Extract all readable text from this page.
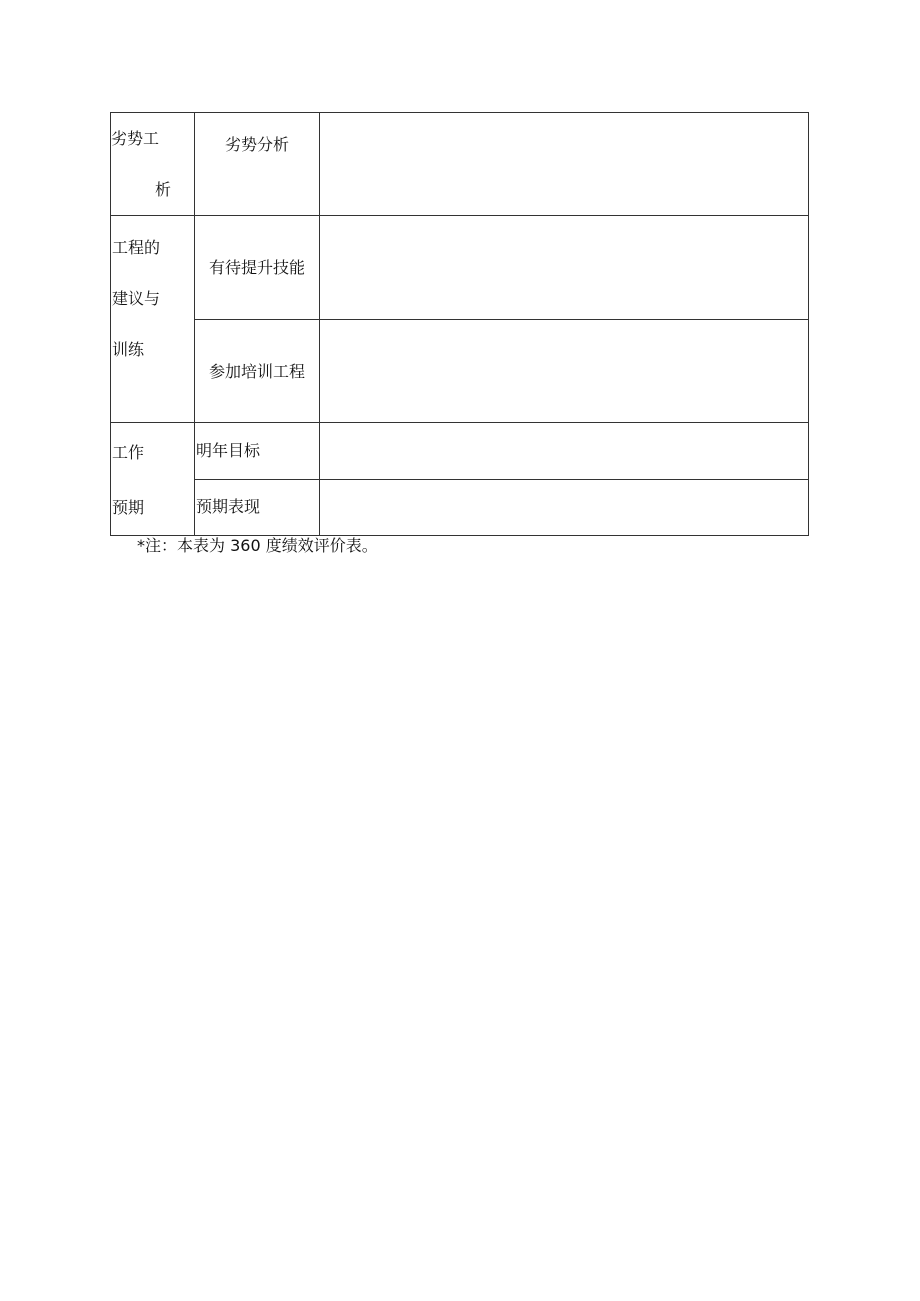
劣势工
析	劣势分析	

工程的建议与训练	有待提升技能	

	参加培训工程	

工作预期	明年目标	

	预期表现	

*注：本表为 360 度绩效评价表。
